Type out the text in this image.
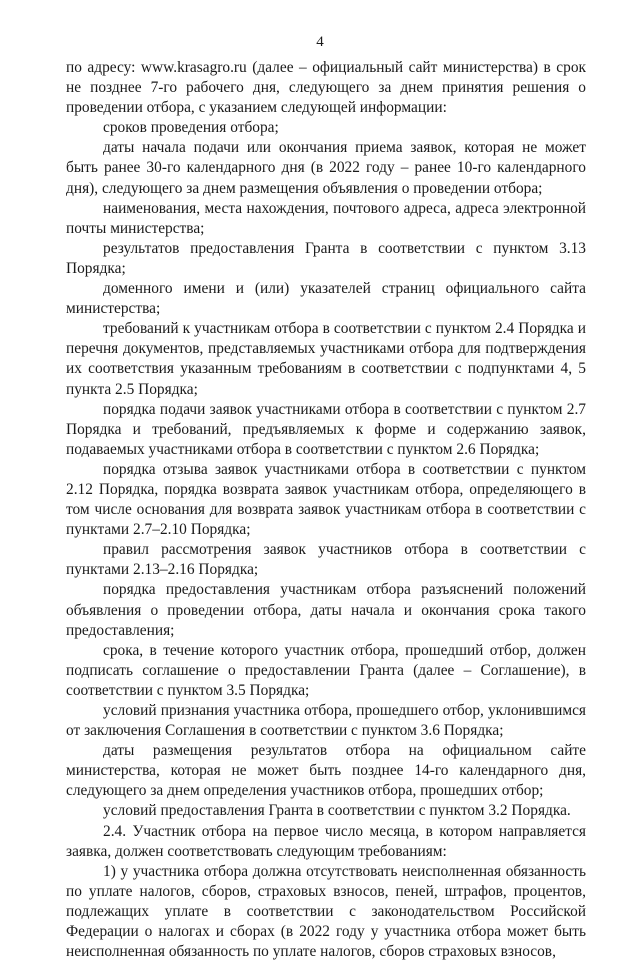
4

по адресу: www.krasagro.ru (далее – официальный сайт министерства) в срок не позднее 7-го рабочего дня, следующего за днем принятия решения о проведении отбора, с указанием следующей информации:

сроков проведения отбора;

даты начала подачи или окончания приема заявок, которая не может быть ранее 30-го календарного дня (в 2022 году – ранее 10-го календарного дня), следующего за днем размещения объявления о проведении отбора;

наименования, места нахождения, почтового адреса, адреса электронной почты министерства;

результатов предоставления Гранта в соответствии с пунктом 3.13 Порядка;

доменного имени и (или) указателей страниц официального сайта министерства;

требований к участникам отбора в соответствии с пунктом 2.4 Порядка и перечня документов, представляемых участниками отбора для подтверждения их соответствия указанным требованиям в соответствии с подпунктами 4, 5 пункта 2.5 Порядка;

порядка подачи заявок участниками отбора в соответствии с пунктом 2.7 Порядка и требований, предъявляемых к форме и содержанию заявок, подаваемых участниками отбора в соответствии с пунктом 2.6 Порядка;

порядка отзыва заявок участниками отбора в соответствии с пунктом 2.12 Порядка, порядка возврата заявок участникам отбора, определяющего в том числе основания для возврата заявок участникам отбора в соответствии с пунктами 2.7–2.10 Порядка;

правил рассмотрения заявок участников отбора в соответствии с пунктами 2.13–2.16 Порядка;

порядка предоставления участникам отбора разъяснений положений объявления о проведении отбора, даты начала и окончания срока такого предоставления;

срока, в течение которого участник отбора, прошедший отбор, должен подписать соглашение о предоставлении Гранта (далее – Соглашение), в соответствии с пунктом 3.5 Порядка;

условий признания участника отбора, прошедшего отбор, уклонившимся от заключения Соглашения в соответствии с пунктом 3.6 Порядка;

даты размещения результатов отбора на официальном сайте министерства, которая не может быть позднее 14-го календарного дня, следующего за днем определения участников отбора, прошедших отбор;

условий предоставления Гранта в соответствии с пунктом 3.2 Порядка.

2.4. Участник отбора на первое число месяца, в котором направляется заявка, должен соответствовать следующим требованиям:

1) у участника отбора должна отсутствовать неисполненная обязанность по уплате налогов, сборов, страховых взносов, пеней, штрафов, процентов, подлежащих уплате в соответствии с законодательством Российской Федерации о налогах и сборах (в 2022 году у участника отбора может быть неисполненная обязанность по уплате налогов, сборов страховых взносов,
